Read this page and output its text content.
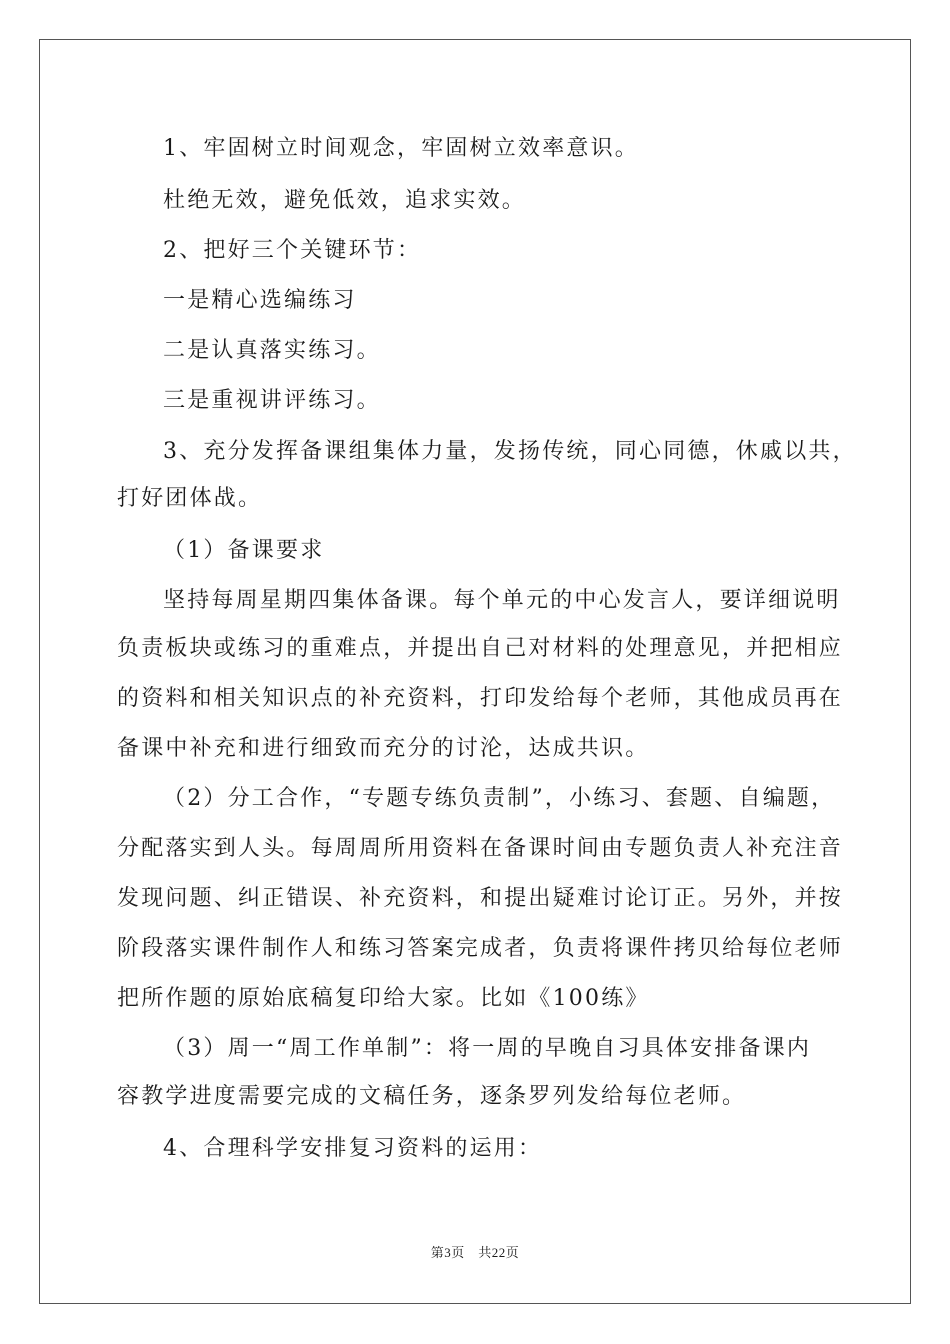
1、牢固树立时间观念，牢固树立效率意识。
杜绝无效，避免低效，追求实效。
2、把好三个关键环节：
一是精心选编练习
二是认真落实练习。
三是重视讲评练习。
3、充分发挥备课组集体力量，发扬传统，同心同德，休戚以共，
打好团体战。
（1）备课要求
坚持每周星期四集体备课。每个单元的中心发言人，要详细说明
负责板块或练习的重难点，并提出自己对材料的处理意见，并把相应
的资料和相关知识点的补充资料，打印发给每个老师，其他成员再在
备课中补充和进行细致而充分的讨沦，达成共识。
（2）分工合作，“专题专练负责制”，小练习、套题、自编题，
分配落实到人头。每周周所用资料在备课时间由专题负责人补充注音
发现问题、纠正错误、补充资料，和提出疑难讨论订正。另外，并按
阶段落实课件制作人和练习答案完成者，负责将课件拷贝给每位老师
把所作题的原始底稿复印给大家。比如《100练》
（3）周一“周工作单制”：将一周的早晚自习具体安排备课内
容教学进度需要完成的文稿任务，逐条罗列发给每位老师。
4、合理科学安排复习资料的运用：
第3页　共22页
